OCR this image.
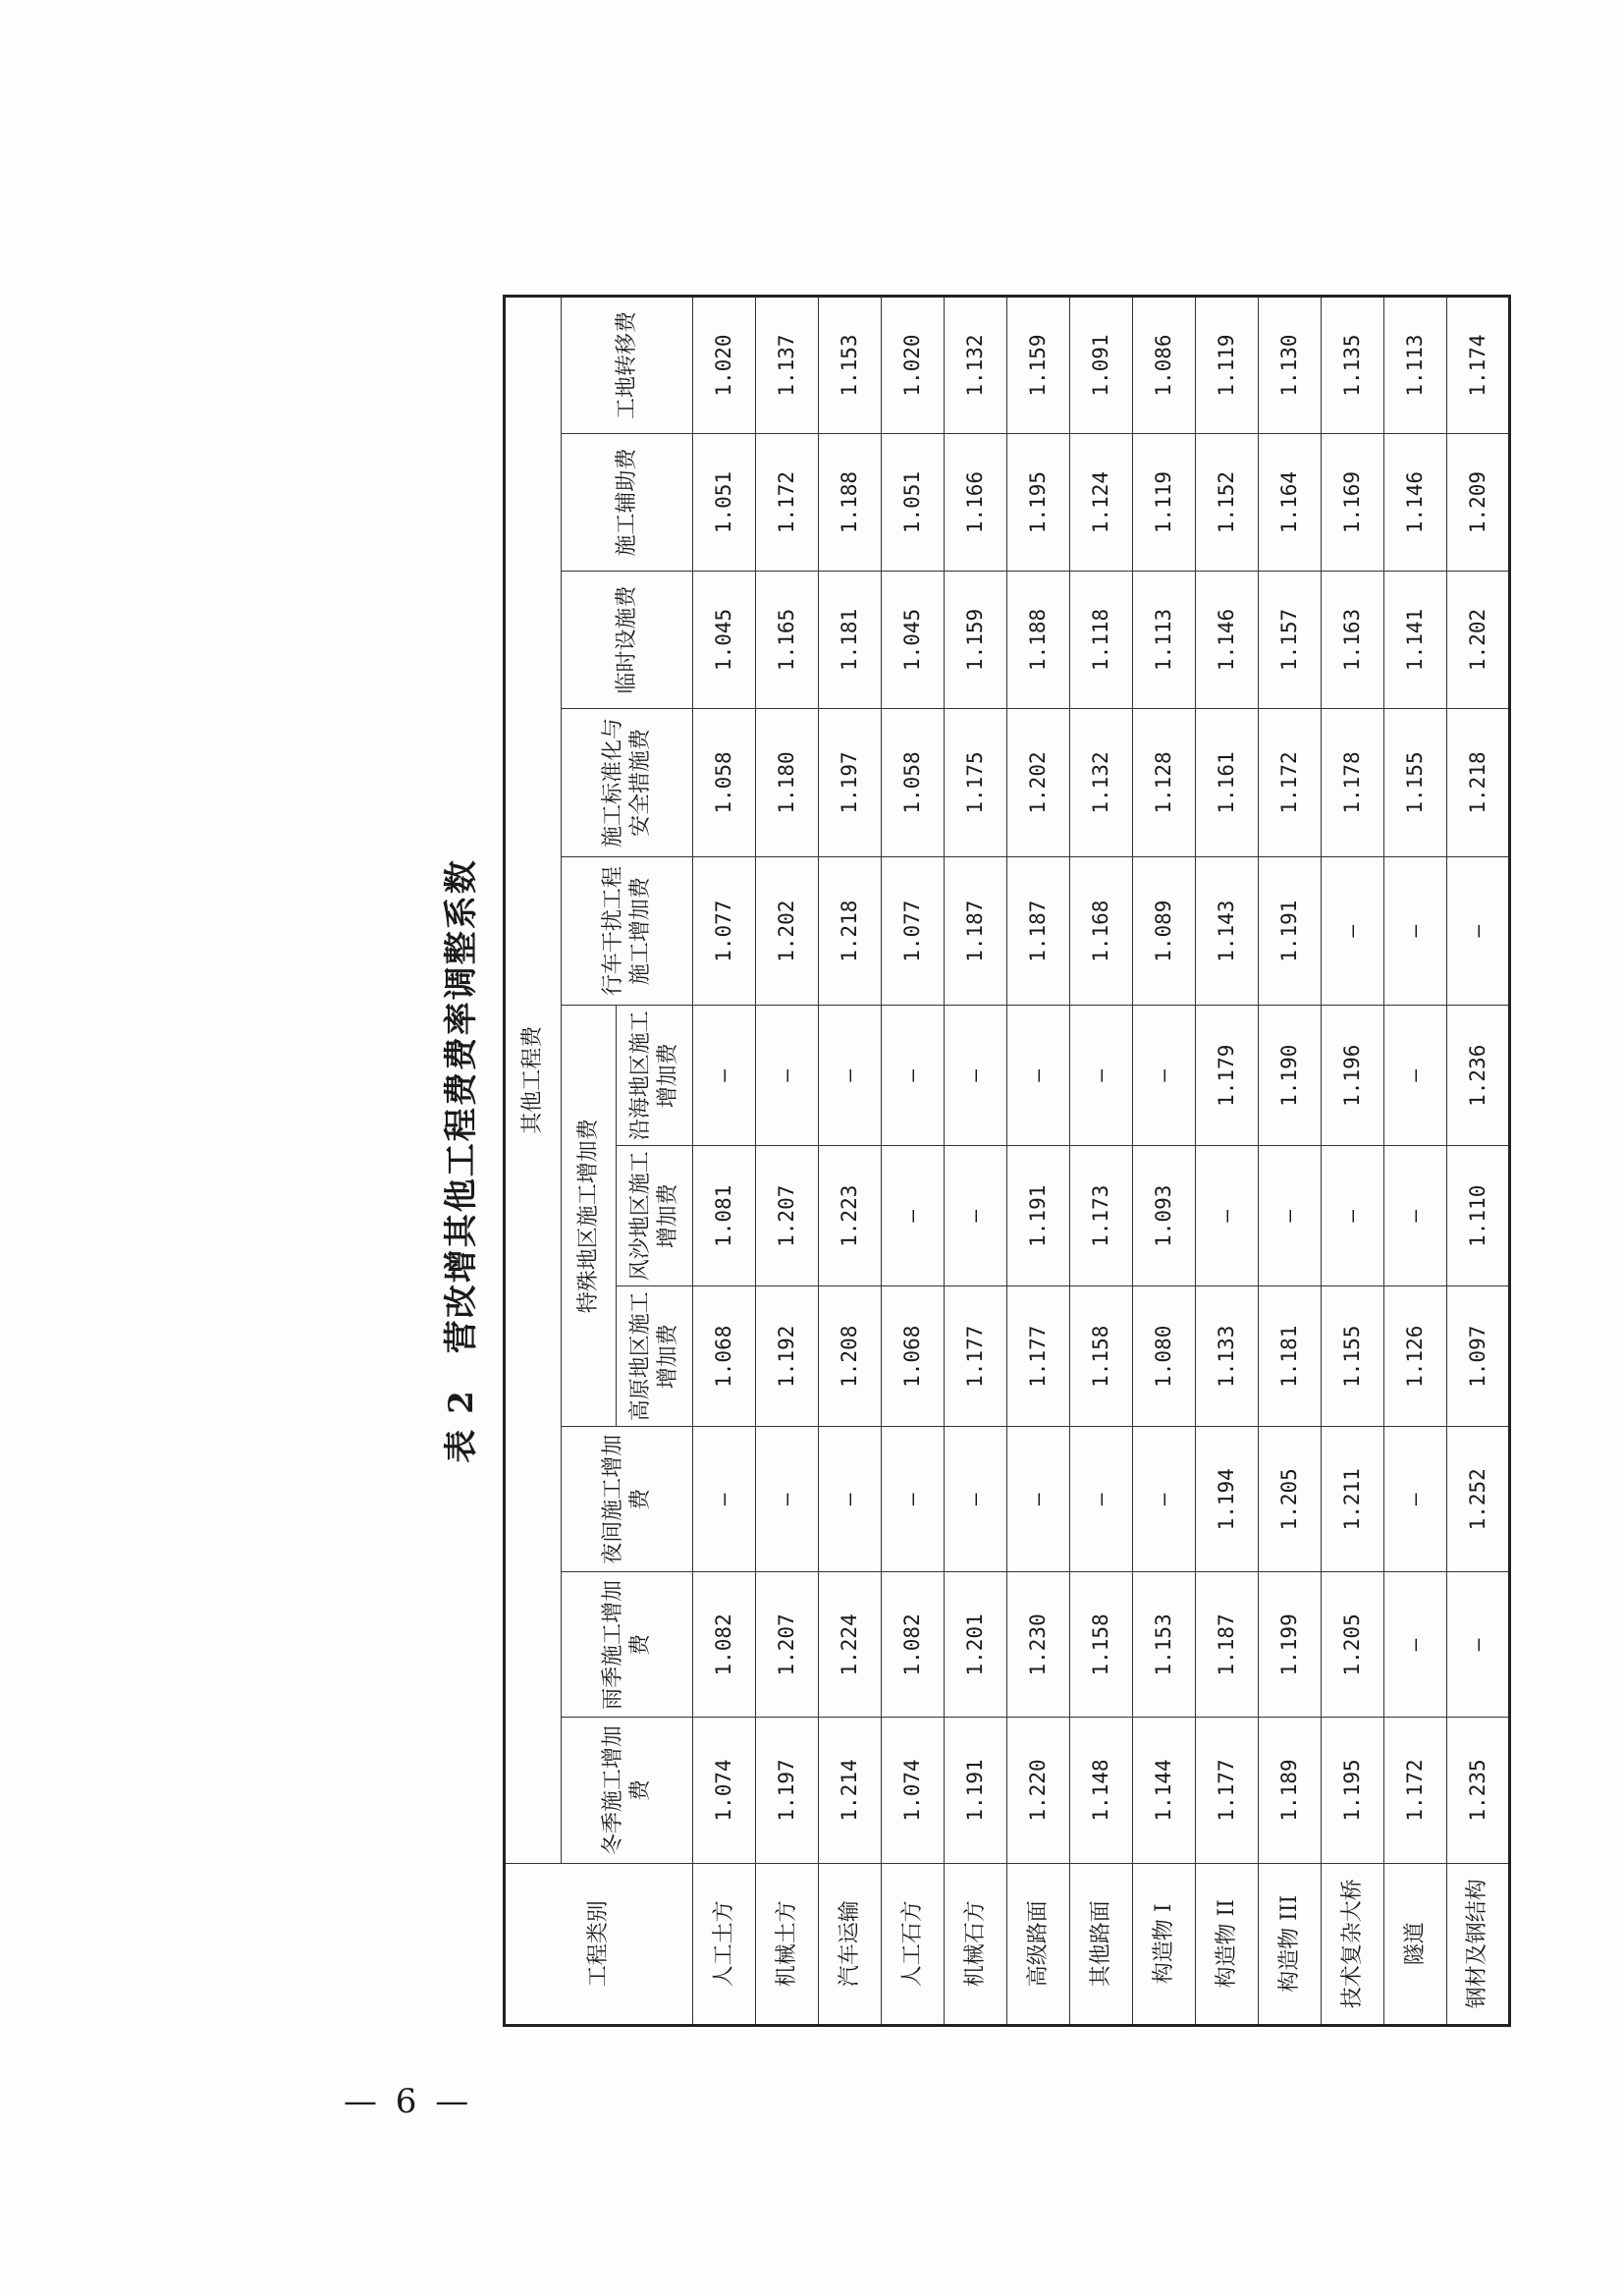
表 2营改增其他工程费费率调整系数
工程类别	其他工程费										
	冬季施工增加费	雨季施工增加费	夜间施工增加费	特殊地区施工增加费			行车干扰工程施工增加费	施工标准化与安全措施费	临时设施费	施工辅助费	工地转移费
				高原地区施工增加费	风沙地区施工增加费	沿海地区施工增加费					
人工土方	1.074	1.082	—	1.068	1.081	—	1.077	1.058	1.045	1.051	1.020
机械土方	1.197	1.207	—	1.192	1.207	—	1.202	1.180	1.165	1.172	1.137
汽车运输	1.214	1.224	—	1.208	1.223	—	1.218	1.197	1.181	1.188	1.153
人工石方	1.074	1.082	—	1.068	—	—	1.077	1.058	1.045	1.051	1.020
机械石方	1.191	1.201	—	1.177	—	—	1.187	1.175	1.159	1.166	1.132
高级路面	1.220	1.230	—	1.177	1.191	—	1.187	1.202	1.188	1.195	1.159
其他路面	1.148	1.158	—	1.158	1.173	—	1.168	1.132	1.118	1.124	1.091
构造物 I	1.144	1.153	—	1.080	1.093	—	1.089	1.128	1.113	1.119	1.086
构造物 II	1.177	1.187	1.194	1.133	—	1.179	1.143	1.161	1.146	1.152	1.119
构造物 III	1.189	1.199	1.205	1.181	—	1.190	1.191	1.172	1.157	1.164	1.130
技术复杂大桥	1.195	1.205	1.211	1.155	—	1.196	—	1.178	1.163	1.169	1.135
隧道	1.172	—	—	1.126	—	—	—	1.155	1.141	1.146	1.113
钢材及钢结构	1.235	—	1.252	1.097	1.110	1.236	—	1.218	1.202	1.209	1.174
— 6 —
